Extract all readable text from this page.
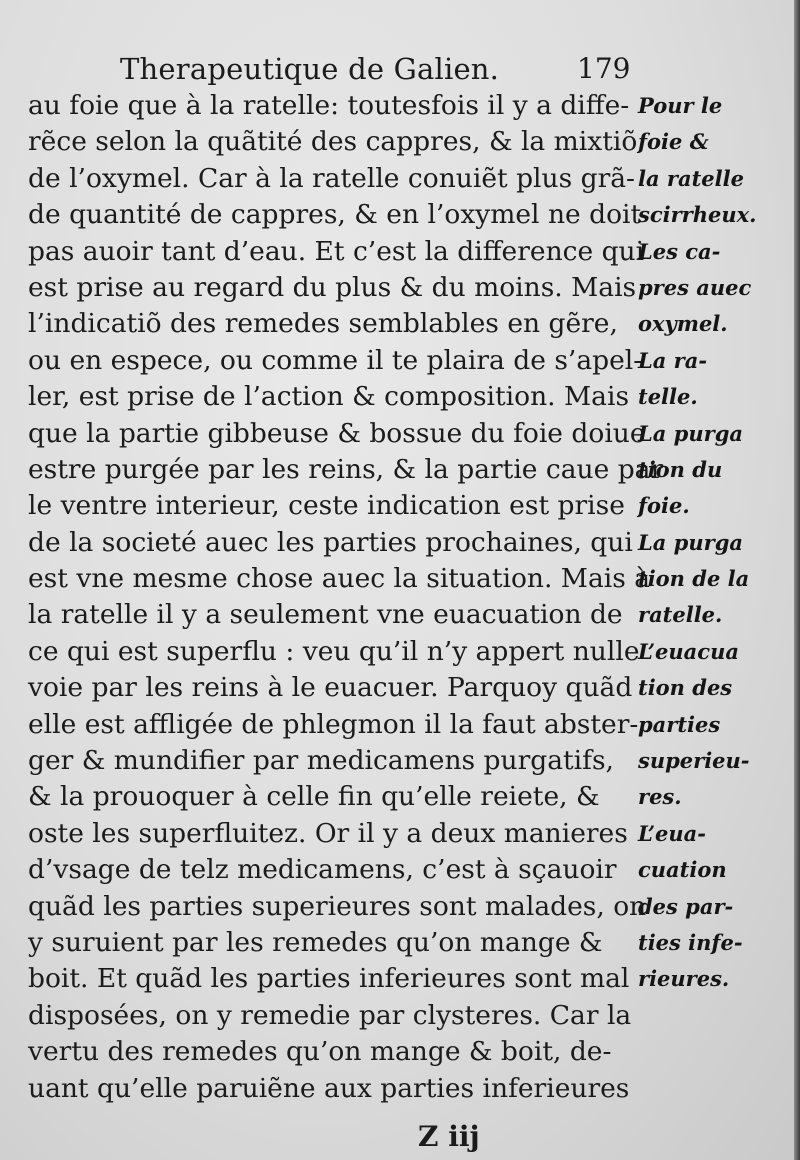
Therapeutique de Galien.	179
au foie que à la ratelle: toutesfois il y a diffe-
rẽce selon la quãtité des cappres, & la mixtiõ
de l’oxymel. Car à la ratelle conuiẽt plus grã-
de quantité de cappres, & en l’oxymel ne doit
pas auoir tant d’eau. Et c’est la difference qui
est prise au regard du plus & du moins. Mais
l’indicatiõ des remedes semblables en gẽre,
ou en espece, ou comme il te plaira de s’apel-
ler, est prise de l’action & composition. Mais
que la partie gibbeuse & bossue du foie doiue
estre purgée par les reins, & la partie caue par
le ventre interieur, ceste indication est prise
de la societé auec les parties prochaines, qui
est vne mesme chose auec la situation. Mais à
la ratelle il y a seulement vne euacuation de
ce qui est superflu : veu qu’il n’y appert nulle
voie par les reins à le euacuer. Parquoy quãd
elle est affligée de phlegmon il la faut abster-
ger & mundifier par medicamens purgatifs,
& la prouoquer à celle fin qu’elle reiete, &
oste les superfluitez. Or il y a deux manieres
d’vsage de telz medicamens, c’est à sçauoir
quãd les parties superieures sont malades, on
y suruient par les remedes qu’on mange &
boit. Et quãd les parties inferieures sont mal
disposées, on y remedie par clysteres. Car la
vertu des remedes qu’on mange & boit, de-
uant qu’elle paruiẽne aux parties inferieures
Pour le
foie &
la ratelle
scirrheux.
Les ca-
pres auec
oxymel.
La ra-
telle.
La purga
tion du
foie.
La purga
tion de la
ratelle.
L’euacua
tion des
parties
superieu-
res.
L’eua-
cuation
des par-
ties infe-
rieures.
Z iij
